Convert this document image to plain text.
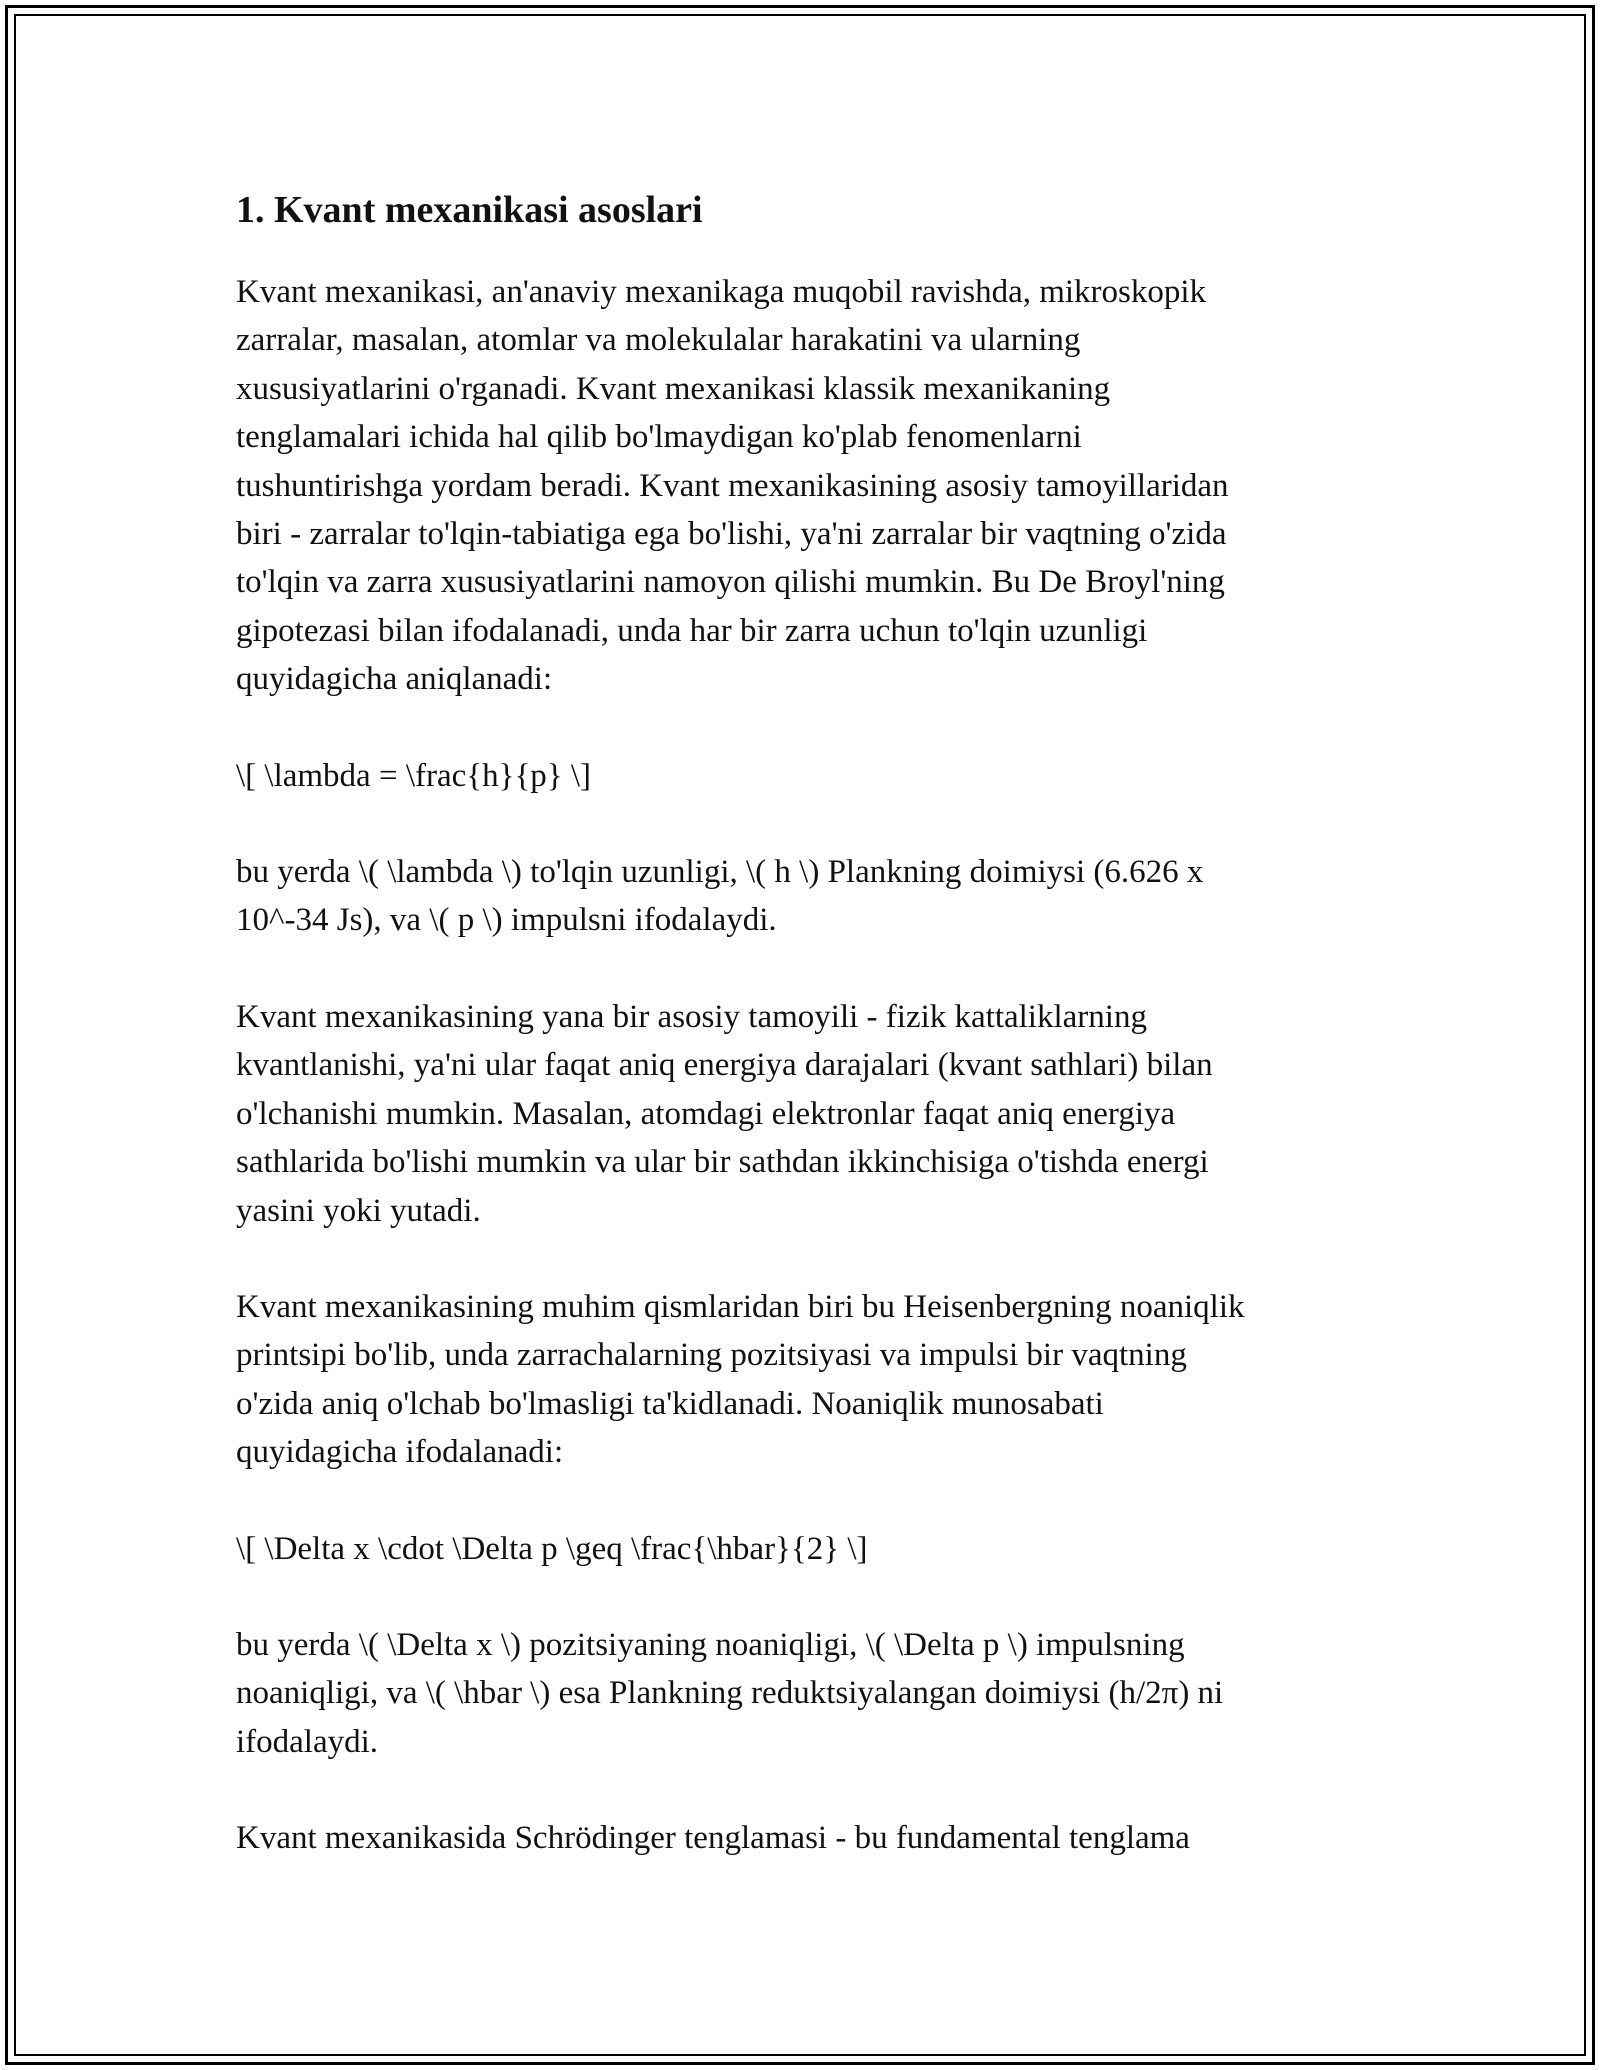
1. Kvant mexanikasi asoslari

Kvant mexanikasi, an'anaviy mexanikaga muqobil ravishda, mikroskopik
zarralar, masalan, atomlar va molekulalar harakatini va ularning
xususiyatlarini o'rganadi. Kvant mexanikasi klassik mexanikaning
tenglamalari ichida hal qilib bo'lmaydigan ko'plab fenomenlarni
tushuntirishga yordam beradi. Kvant mexanikasining asosiy tamoyillaridan
biri - zarralar to'lqin-tabiatiga ega bo'lishi, ya'ni zarralar bir vaqtning o'zida
to'lqin va zarra xususiyatlarini namoyon qilishi mumkin. Bu De Broyl'ning
gipotezasi bilan ifodalanadi, unda har bir zarra uchun to'lqin uzunligi
quyidagicha aniqlanadi:

\[ \lambda = \frac{h}{p} \]

bu yerda \( \lambda \) to'lqin uzunligi, \( h \) Plankning doimiysi (6.626 x
10^-34 Js), va \( p \) impulsni ifodalaydi.

Kvant mexanikasining yana bir asosiy tamoyili - fizik kattaliklarning
kvantlanishi, ya'ni ular faqat aniq energiya darajalari (kvant sathlari) bilan
o'lchanishi mumkin. Masalan, atomdagi elektronlar faqat aniq energiya
sathlarida bo'lishi mumkin va ular bir sathdan ikkinchisiga o'tishda energi
yasini yoki yutadi.

Kvant mexanikasining muhim qismlaridan biri bu Heisenbergning noaniqlik
printsipi bo'lib, unda zarrachalarning pozitsiyasi va impulsi bir vaqtning
o'zida aniq o'lchab bo'lmasligi ta'kidlanadi. Noaniqlik munosabati
quyidagicha ifodalanadi:

\[ \Delta x \cdot \Delta p \geq \frac{\hbar}{2} \]

bu yerda \( \Delta x \) pozitsiyaning noaniqligi, \( \Delta p \) impulsning
noaniqligi, va \( \hbar \) esa Plankning reduktsiyalangan doimiysi (h/2π) ni
ifodalaydi.

Kvant mexanikasida Schrödinger tenglamasi - bu fundamental tenglama
